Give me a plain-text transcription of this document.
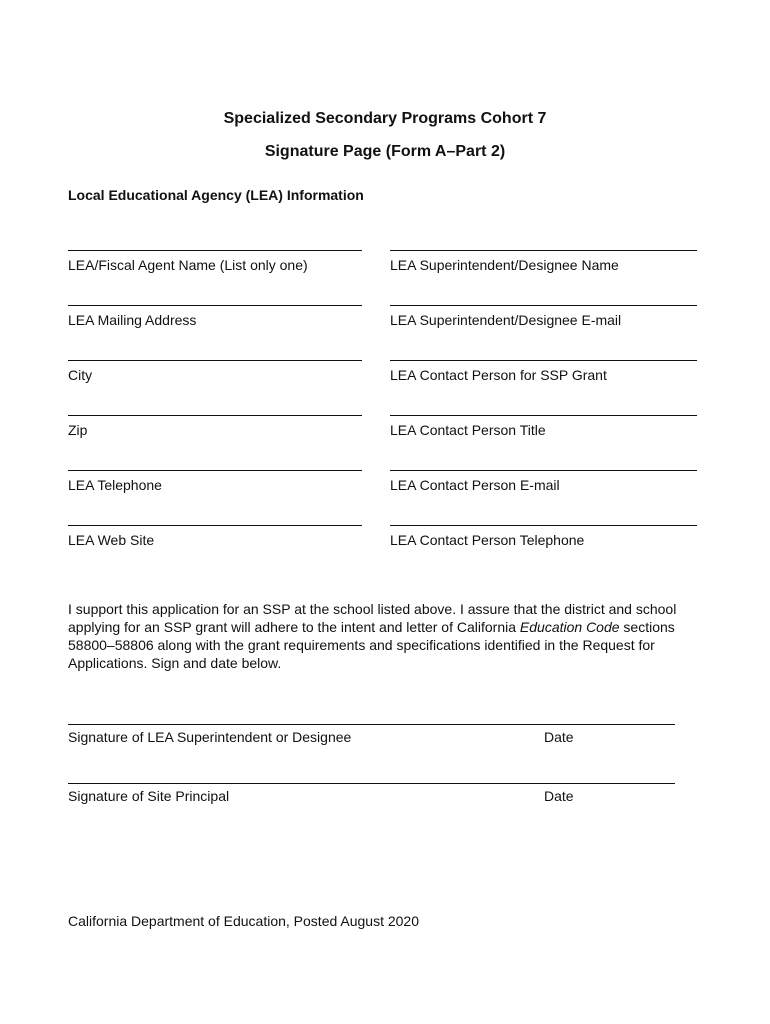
Specialized Secondary Programs Cohort 7
Signature Page (Form A–Part 2)
Local Educational Agency (LEA) Information
LEA/Fiscal Agent Name (List only one)
LEA Mailing Address
City
Zip
LEA Telephone
LEA Web Site
LEA Superintendent/Designee Name
LEA Superintendent/Designee E-mail
LEA Contact Person for SSP Grant
LEA Contact Person Title
LEA Contact Person E-mail
LEA Contact Person Telephone
I support this application for an SSP at the school listed above. I assure that the district and school applying for an SSP grant will adhere to the intent and letter of California Education Code sections 58800–58806 along with the grant requirements and specifications identified in the Request for Applications. Sign and date below.
Signature of LEA Superintendent or Designee	Date
Signature of Site Principal	Date
California Department of Education, Posted August 2020
